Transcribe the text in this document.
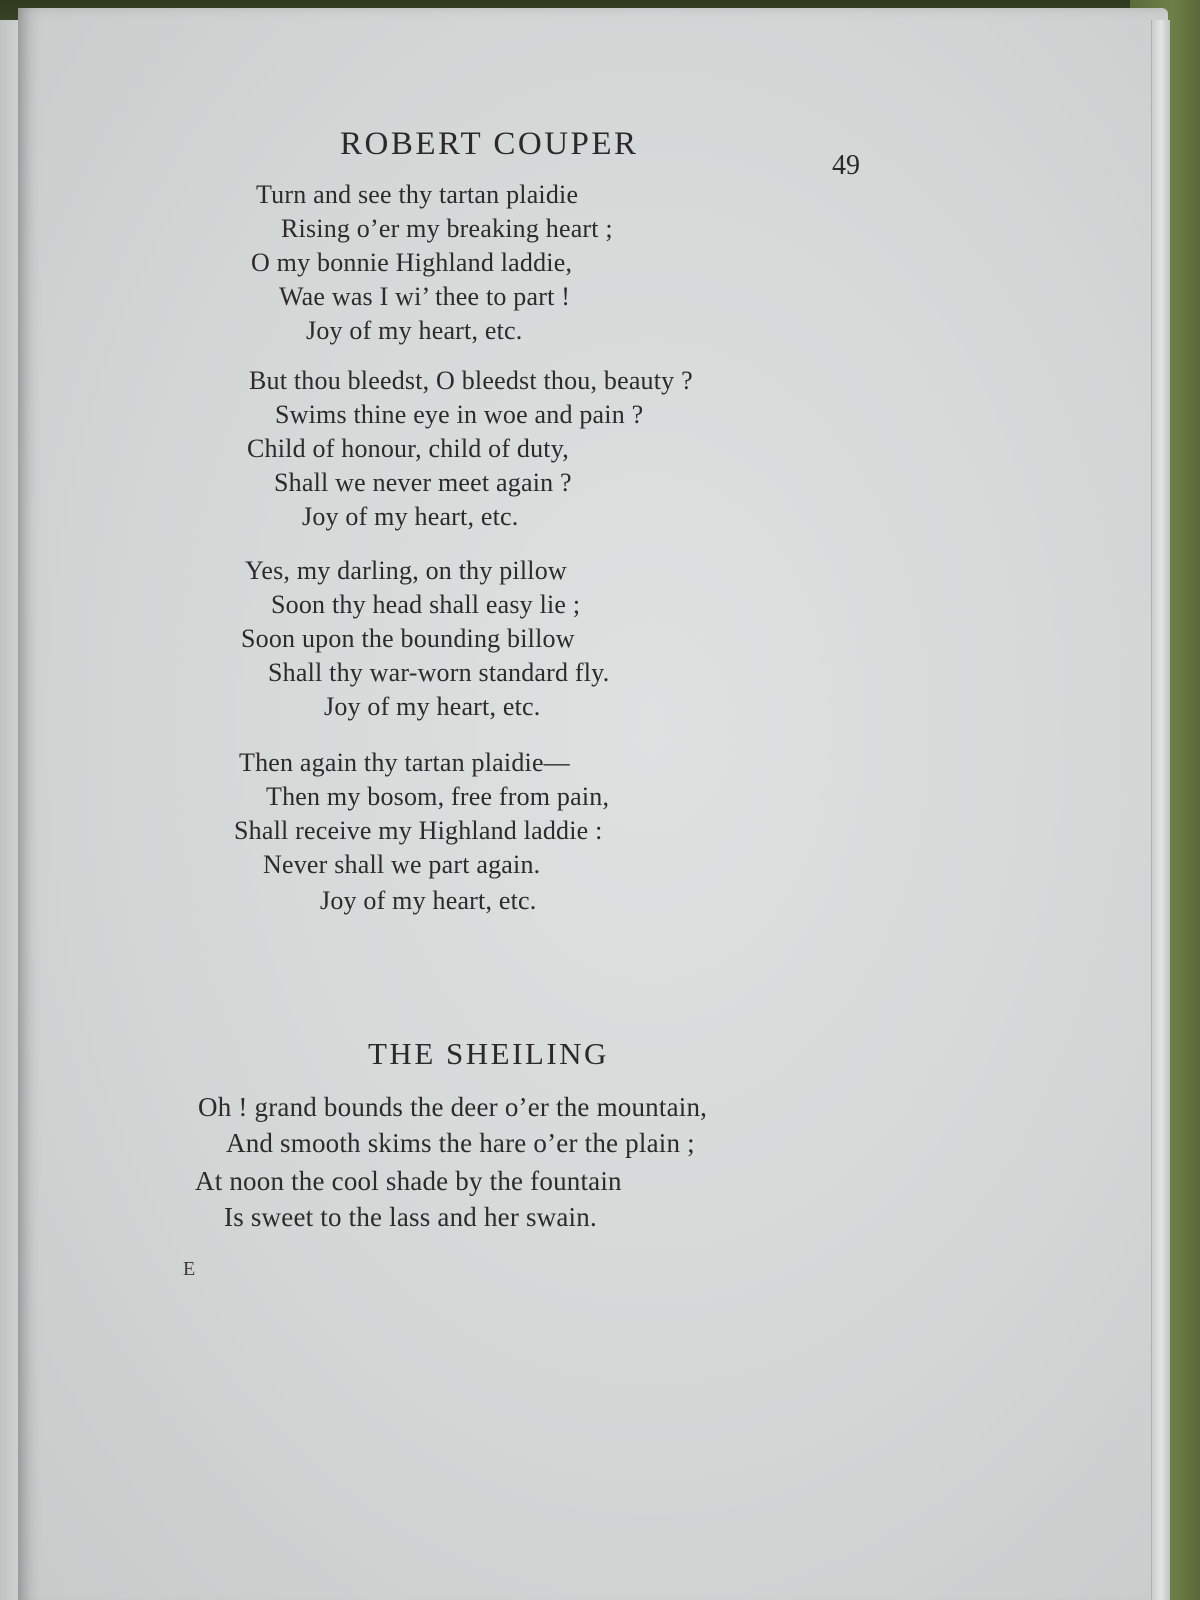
ROBERT COUPER
49
Turn and see thy tartan plaidie
Rising o’er my breaking heart ;
O my bonnie Highland laddie,
Wae was I wi’ thee to part !
Joy of my heart, etc.
But thou bleedst, O bleedst thou, beauty ?
Swims thine eye in woe and pain ?
Child of honour, child of duty,
Shall we never meet again ?
Joy of my heart, etc.
Yes, my darling, on thy pillow
Soon thy head shall easy lie ;
Soon upon the bounding billow
Shall thy war-worn standard fly.
Joy of my heart, etc.
Then again thy tartan plaidie—
Then my bosom, free from pain,
Shall receive my Highland laddie :
Never shall we part again.
Joy of my heart, etc.
THE SHEILING
Oh ! grand bounds the deer o’er the mountain,
And smooth skims the hare o’er the plain ;
At noon the cool shade by the fountain
Is sweet to the lass and her swain.
E
